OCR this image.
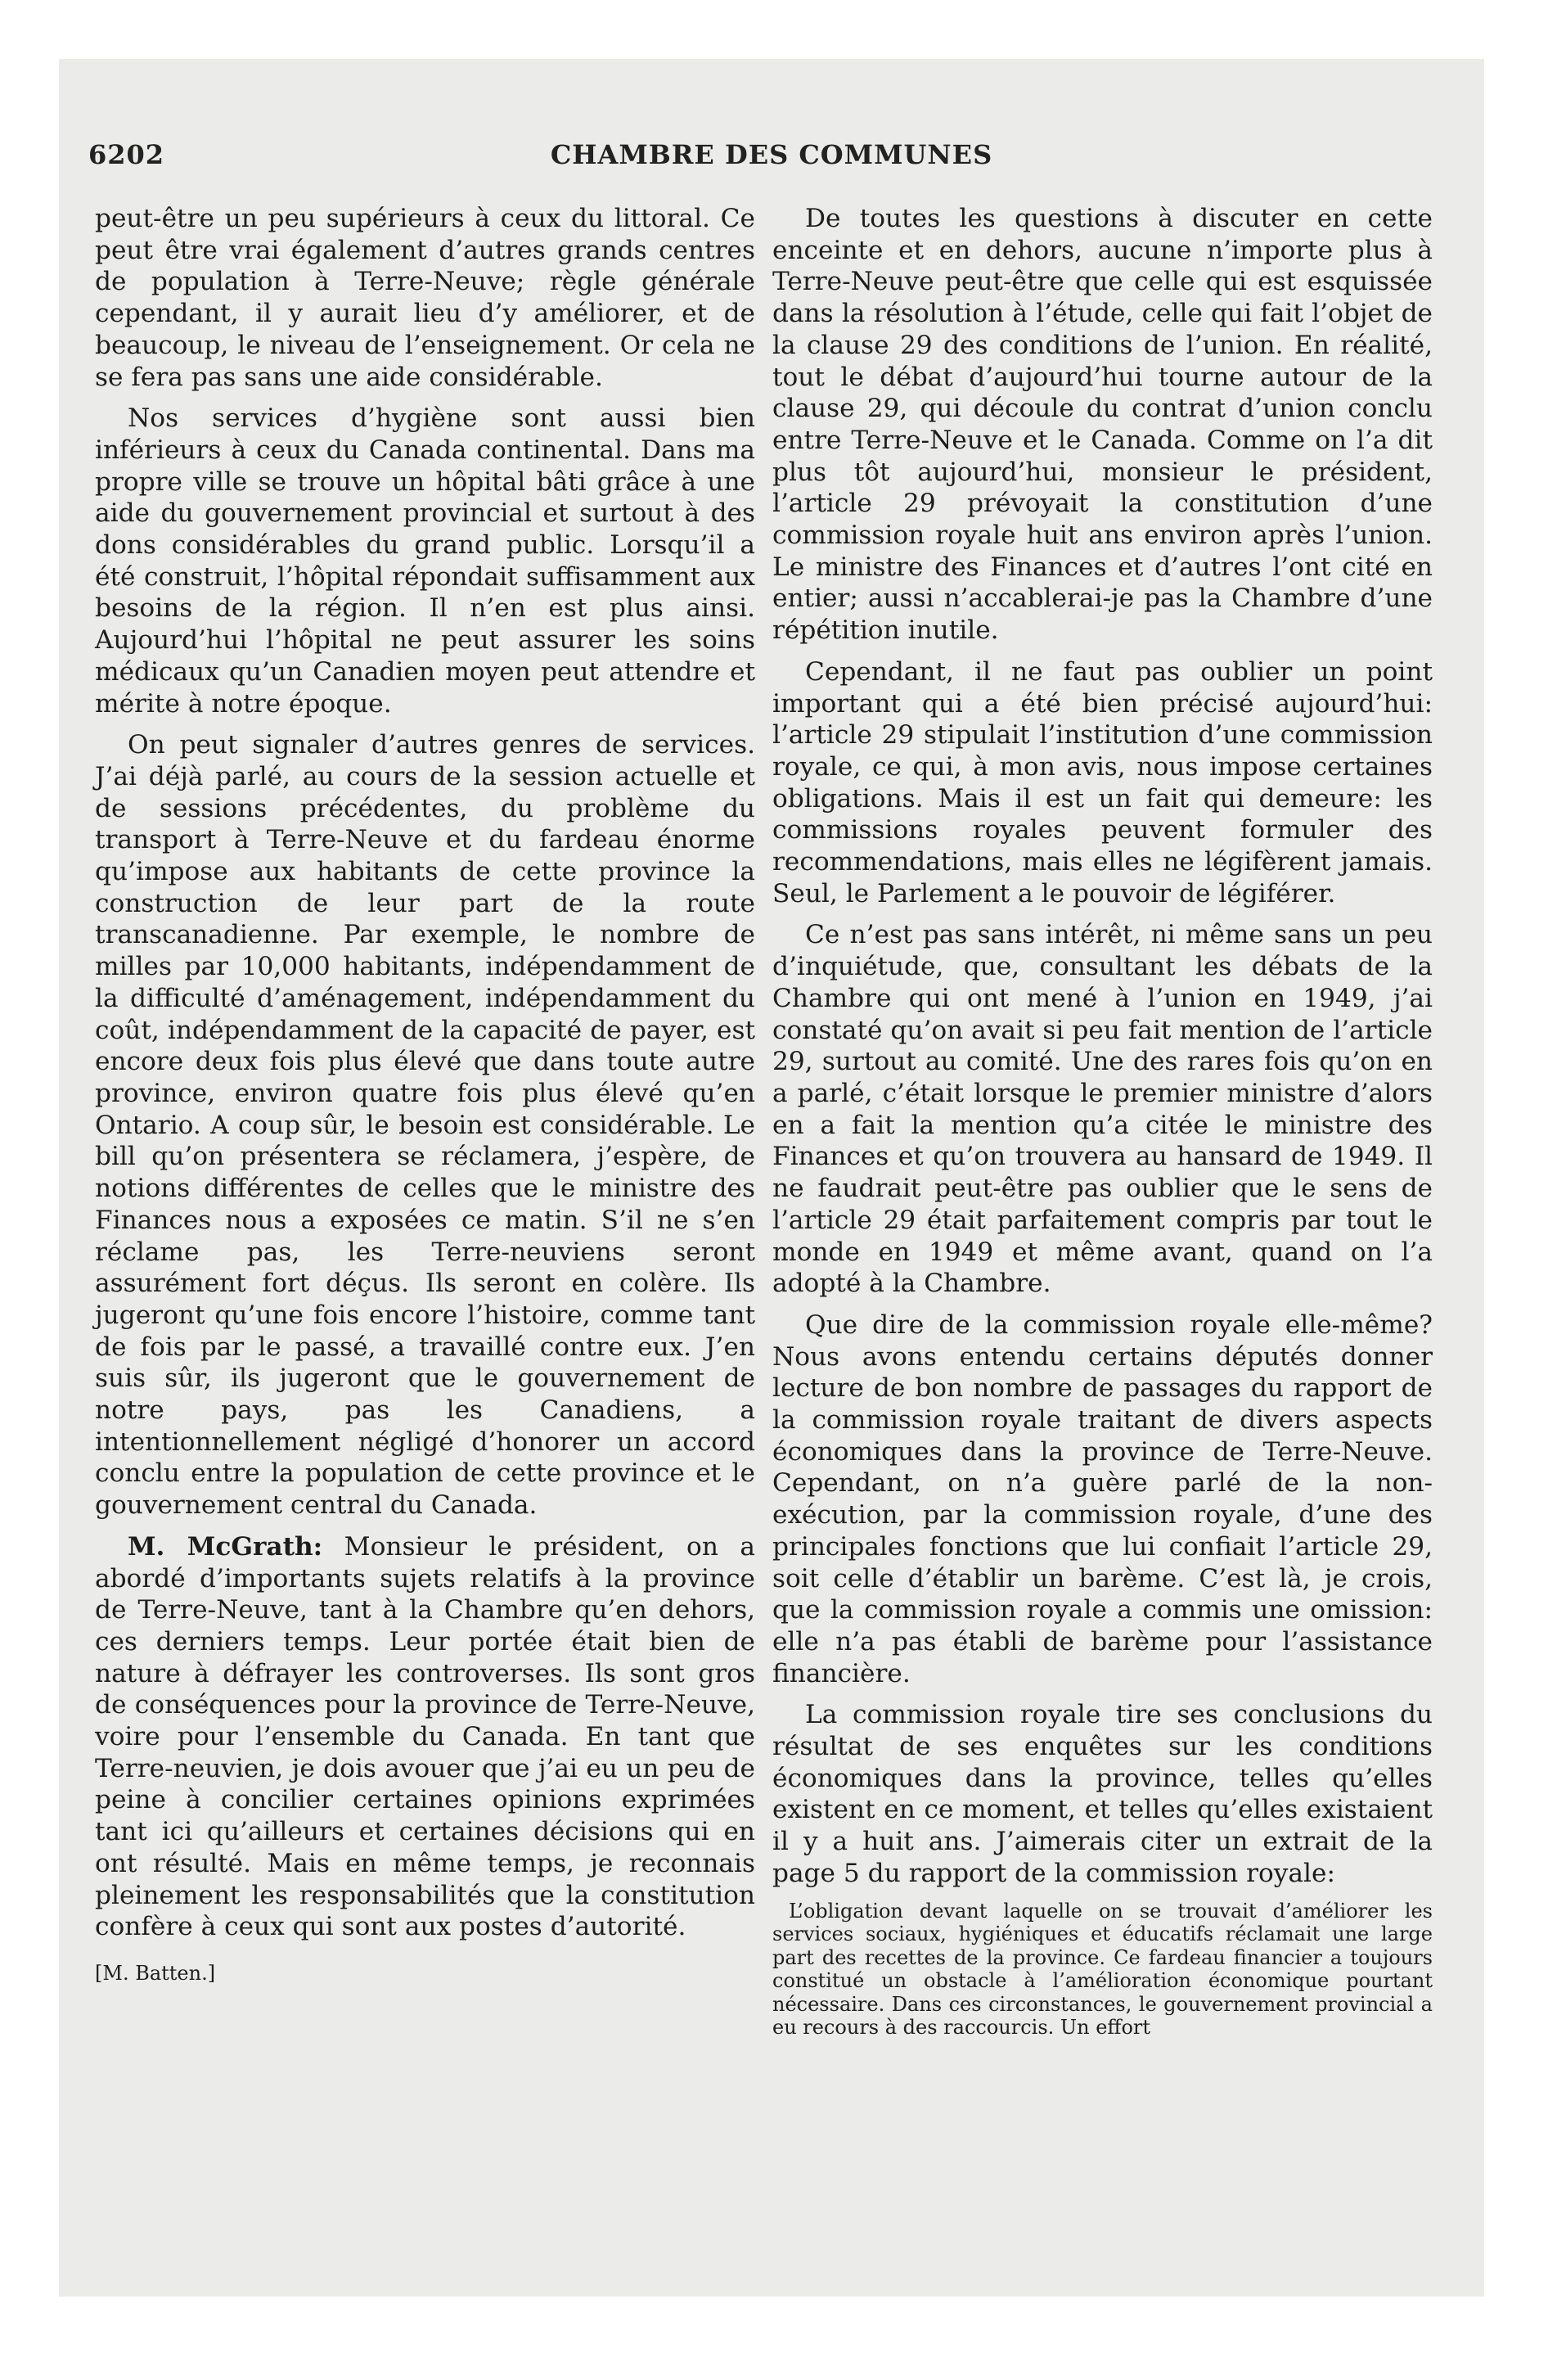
6202	CHAMBRE DES COMMUNES

peut-être un peu supérieurs à ceux du littoral. Ce peut être vrai également d’autres grands centres de population à Terre-Neuve; règle générale cependant, il y aurait lieu d’y améliorer, et de beaucoup, le niveau de l’enseignement. Or cela ne se fera pas sans une aide considérable.

Nos services d’hygiène sont aussi bien inférieurs à ceux du Canada continental. Dans ma propre ville se trouve un hôpital bâti grâce à une aide du gouvernement provincial et surtout à des dons considérables du grand public. Lorsqu’il a été construit, l’hôpital répondait suffisamment aux besoins de la région. Il n’en est plus ainsi. Aujourd’hui l’hôpital ne peut assurer les soins médicaux qu’un Canadien moyen peut attendre et mérite à notre époque.

On peut signaler d’autres genres de services. J’ai déjà parlé, au cours de la session actuelle et de sessions précédentes, du problème du transport à Terre-Neuve et du fardeau énorme qu’impose aux habitants de cette province la construction de leur part de la route transcanadienne. Par exemple, le nombre de milles par 10,000 habitants, indépendamment de la difficulté d’aménagement, indépendamment du coût, indépendamment de la capacité de payer, est encore deux fois plus élevé que dans toute autre province, environ quatre fois plus élevé qu’en Ontario. A coup sûr, le besoin est considérable. Le bill qu’on présentera se réclamera, j’espère, de notions différentes de celles que le ministre des Finances nous a exposées ce matin. S’il ne s’en réclame pas, les Terre-neuviens seront assurément fort déçus. Ils seront en colère. Ils jugeront qu’une fois encore l’histoire, comme tant de fois par le passé, a travaillé contre eux. J’en suis sûr, ils jugeront que le gouvernement de notre pays, pas les Canadiens, a intentionnellement négligé d’honorer un accord conclu entre la population de cette province et le gouvernement central du Canada.

M. McGrath: Monsieur le président, on a abordé d’importants sujets relatifs à la province de Terre-Neuve, tant à la Chambre qu’en dehors, ces derniers temps. Leur portée était bien de nature à défrayer les controverses. Ils sont gros de conséquences pour la province de Terre-Neuve, voire pour l’ensemble du Canada. En tant que Terre-neuvien, je dois avouer que j’ai eu un peu de peine à concilier certaines opinions exprimées tant ici qu’ailleurs et certaines décisions qui en ont résulté. Mais en même temps, je reconnais pleinement les responsabilités que la constitution confère à ceux qui sont aux postes d’autorité.

[M. Batten.]

De toutes les questions à discuter en cette enceinte et en dehors, aucune n’importe plus à Terre-Neuve peut-être que celle qui est esquissée dans la résolution à l’étude, celle qui fait l’objet de la clause 29 des conditions de l’union. En réalité, tout le débat d’aujourd’hui tourne autour de la clause 29, qui découle du contrat d’union conclu entre Terre-Neuve et le Canada. Comme on l’a dit plus tôt aujourd’hui, monsieur le président, l’article 29 prévoyait la constitution d’une commission royale huit ans environ après l’union. Le ministre des Finances et d’autres l’ont cité en entier; aussi n’accablerai-je pas la Chambre d’une répétition inutile.

Cependant, il ne faut pas oublier un point important qui a été bien précisé aujourd’hui: l’article 29 stipulait l’institution d’une commission royale, ce qui, à mon avis, nous impose certaines obligations. Mais il est un fait qui demeure: les commissions royales peuvent formuler des recommendations, mais elles ne légifèrent jamais. Seul, le Parlement a le pouvoir de légiférer.

Ce n’est pas sans intérêt, ni même sans un peu d’inquiétude, que, consultant les débats de la Chambre qui ont mené à l’union en 1949, j’ai constaté qu’on avait si peu fait mention de l’article 29, surtout au comité. Une des rares fois qu’on en a parlé, c’était lorsque le premier ministre d’alors en a fait la mention qu’a citée le ministre des Finances et qu’on trouvera au hansard de 1949. Il ne faudrait peut-être pas oublier que le sens de l’article 29 était parfaitement compris par tout le monde en 1949 et même avant, quand on l’a adopté à la Chambre.

Que dire de la commission royale elle-même? Nous avons entendu certains députés donner lecture de bon nombre de passages du rapport de la commission royale traitant de divers aspects économiques dans la province de Terre-Neuve. Cependant, on n’a guère parlé de la non-exécution, par la commission royale, d’une des principales fonctions que lui confiait l’article 29, soit celle d’établir un barème. C’est là, je crois, que la commission royale a commis une omission: elle n’a pas établi de barème pour l’assistance financière.

La commission royale tire ses conclusions du résultat de ses enquêtes sur les conditions économiques dans la province, telles qu’elles existent en ce moment, et telles qu’elles existaient il y a huit ans. J’aimerais citer un extrait de la page 5 du rapport de la commission royale:

L’obligation devant laquelle on se trouvait d’améliorer les services sociaux, hygiéniques et éducatifs réclamait une large part des recettes de la province. Ce fardeau financier a toujours constitué un obstacle à l’amélioration économique pourtant nécessaire. Dans ces circonstances, le gouvernement provincial a eu recours à des raccourcis. Un effort
